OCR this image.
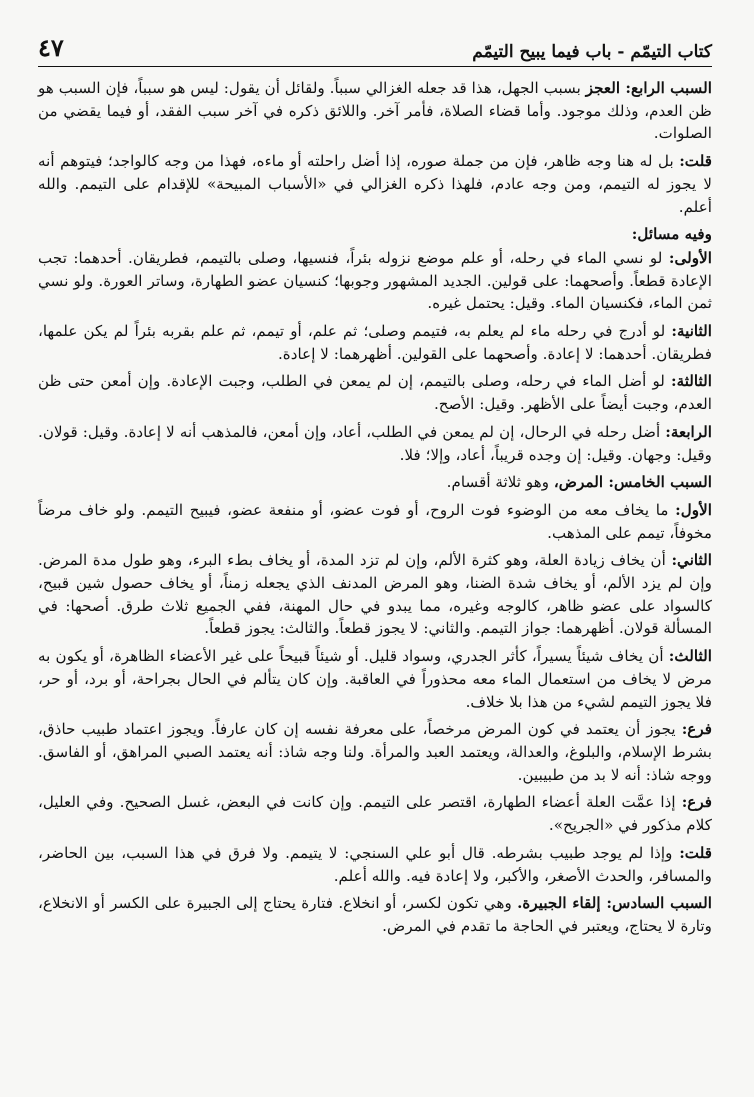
كتاب التيمّم - باب فيما يبيح التيمّم
٤٧

السبب الرابع: العجز بسبب الجهل، هذا قد جعله الغزالي سبباً. ولقائل أن يقول: ليس هو سبباً، فإن السبب هو ظن العدم، وذلك موجود. وأما قضاء الصلاة، فأمر آخر. واللائق ذكره في آخر سبب الفقد، أو فيما يقضي من الصلوات.

قلت: بل له هنا وجه ظاهر، فإن من جملة صوره، إذا أضل راحلته أو ماءه، فهذا من وجه كالواجد؛ فيتوهم أنه لا يجوز له التيمم، ومن وجه عادم، فلهذا ذكره الغزالي في «الأسباب المبيحة» للإقدام على التيمم. والله أعلم.

وفيه مسائل:

الأولى: لو نسي الماء في رحله، أو علم موضع نزوله بئراً، فنسيها، وصلى بالتيمم، فطريقان. أحدهما: تجب الإعادة قطعاً. وأصحهما: على قولين. الجديد المشهور وجوبها؛ كنسيان عضو الطهارة، وساتر العورة. ولو نسي ثمن الماء، فكنسيان الماء. وقيل: يحتمل غيره.

الثانية: لو أدرج في رحله ماء لم يعلم به، فتيمم وصلى؛ ثم علم، أو تيمم، ثم علم بقربه بئراً لم يكن علمها، فطريقان. أحدهما: لا إعادة. وأصحهما على القولين. أظهرهما: لا إعادة.

الثالثة: لو أضل الماء في رحله، وصلى بالتيمم، إن لم يمعن في الطلب، وجبت الإعادة. وإن أمعن حتى ظن العدم، وجبت أيضاً على الأظهر. وقيل: الأصح.

الرابعة: أضل رحله في الرحال، إن لم يمعن في الطلب، أعاد، وإن أمعن، فالمذهب أنه لا إعادة. وقيل: قولان. وقيل: وجهان. وقيل: إن وجده قريباً، أعاد، وإلا؛ فلا.

السبب الخامس: المرض، وهو ثلاثة أقسام.

الأول: ما يخاف معه من الوضوء فوت الروح، أو فوت عضو، أو منفعة عضو، فيبيح التيمم. ولو خاف مرضاً مخوفاً، تيمم على المذهب.

الثاني: أن يخاف زيادة العلة، وهو كثرة الألم، وإن لم تزد المدة، أو يخاف بطء البرء، وهو طول مدة المرض. وإن لم يزد الألم، أو يخاف شدة الضنا، وهو المرض المدنف الذي يجعله زمناً، أو يخاف حصول شين قبيح، كالسواد على عضو ظاهر، كالوجه وغيره، مما يبدو في حال المهنة، ففي الجميع ثلاث طرق. أصحها: في المسألة قولان. أظهرهما: جواز التيمم. والثاني: لا يجوز قطعاً. والثالث: يجوز قطعاً.

الثالث: أن يخاف شيئاً يسيراً، كأثر الجدري، وسواد قليل. أو شيئاً قبيحاً على غير الأعضاء الظاهرة، أو يكون به مرض لا يخاف من استعمال الماء معه محذوراً في العاقبة. وإن كان يتألم في الحال بجراحة، أو برد، أو حر، فلا يجوز التيمم لشيء من هذا بلا خلاف.

فرع: يجوز أن يعتمد في كون المرض مرخصاً، على معرفة نفسه إن كان عارفاً. ويجوز اعتماد طبيب حاذق، بشرط الإسلام، والبلوغ، والعدالة، ويعتمد العبد والمرأة. ولنا وجه شاذ: أنه يعتمد الصبي المراهق، أو الفاسق. ووجه شاذ: أنه لا بد من طبيبين.

فرع: إذا عمَّت العلة أعضاء الطهارة، اقتصر على التيمم. وإن كانت في البعض، غسل الصحيح. وفي العليل، كلام مذكور في «الجريح».

قلت: وإذا لم يوجد طبيب بشرطه. قال أبو علي السنجي: لا يتيمم. ولا فرق في هذا السبب، بين الحاضر، والمسافر، والحدث الأصغر، والأكبر، ولا إعادة فيه. والله أعلم.

السبب السادس: إلقاء الجبيرة. وهي تكون لكسر، أو انخلاع. فتارة يحتاج إلى الجبيرة على الكسر أو الانخلاع، وتارة لا يحتاج، ويعتبر في الحاجة ما تقدم في المرض.
